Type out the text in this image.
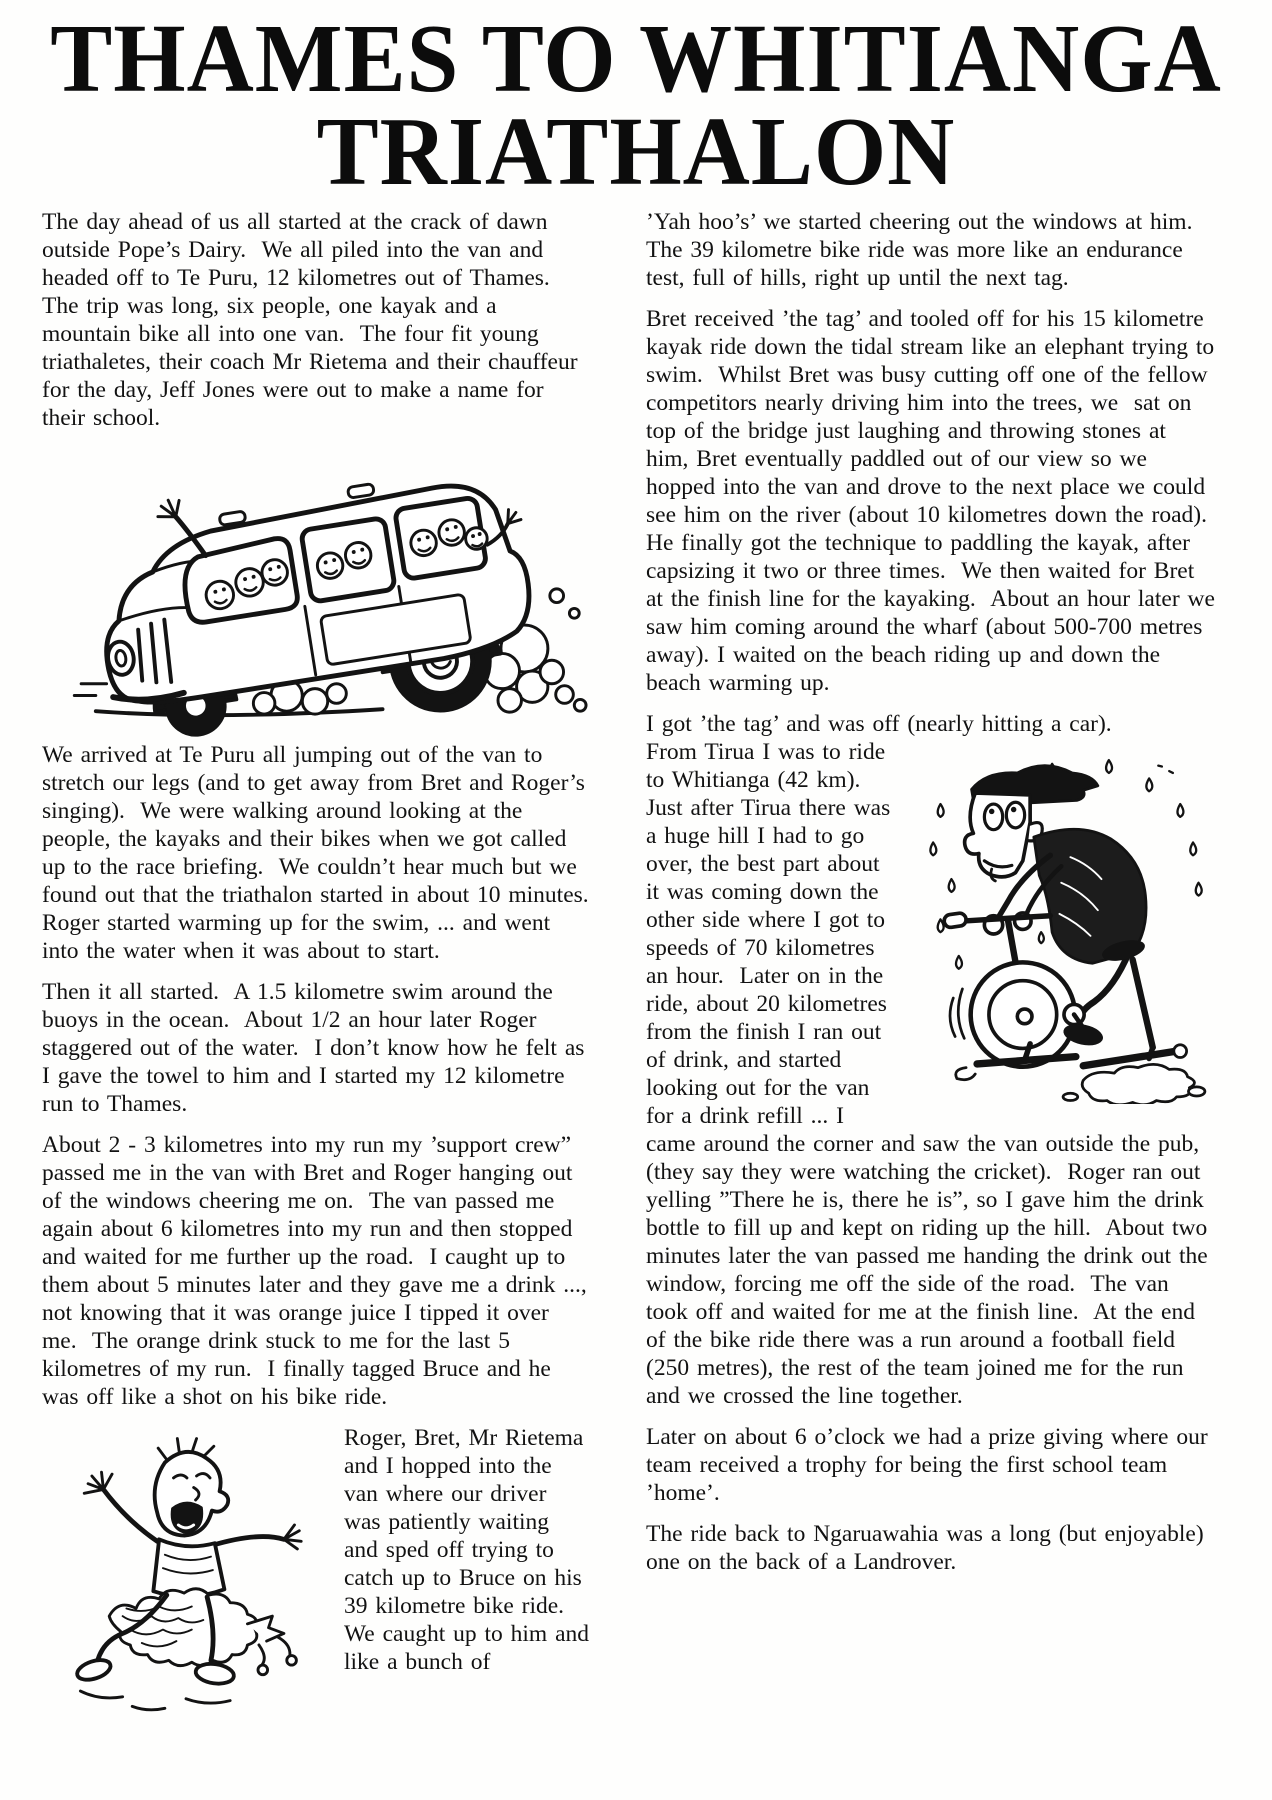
THAMES TO WHITIANGA
TRIATHALON

The day ahead of us all started at the crack of dawn outside Pope’s Dairy.  We all piled into the van and headed off to Te Puru, 12 kilometres out of Thames.  The trip was long, six people, one kayak and a mountain bike all into one van.  The four fit young triathaletes, their coach Mr Rietema and their chauffeur for the day, Jeff Jones were out to make a name for their school.

We arrived at Te Puru all jumping out of the van to stretch our legs (and to get away from Bret and Roger’s singing).  We were walking around looking at the people, the kayaks and their bikes when we got called up to the race briefing.  We couldn’t hear much but we found out that the triathalon started in about 10 minutes.  Roger started warming up for the swim, ... and went into the water when it was about to start.

Then it all started.  A 1.5 kilometre swim around the buoys in the ocean.  About 1/2 an hour later Roger staggered out of the water.  I don’t know how he felt as I gave the towel to him and I started my 12 kilometre run to Thames.

About 2 - 3 kilometres into my run my ’support crew” passed me in the van with Bret and Roger hanging out of the windows cheering me on.  The van passed me again about 6 kilometres into my run and then stopped and waited for me further up the road.  I caught up to them about 5 minutes later and they gave me a drink ..., not knowing that it was orange juice I tipped it over me.  The orange drink stuck to me for the last 5 kilometres of my run.  I finally tagged Bruce and he was off like a shot on his bike ride.

Roger, Bret, Mr Rietema and I hopped into the van where our driver was patiently waiting and sped off trying to catch up to Bruce on his 39 kilometre bike ride.  We caught up to him and like a bunch of

’Yah hoo’s’ we started cheering out the windows at him.  The 39 kilometre bike ride was more like an endurance test, full of hills, right up until the next tag.

Bret received ’the tag’ and tooled off for his 15 kilometre kayak ride down the tidal stream like an elephant trying to swim.  Whilst Bret was busy cutting off one of the fellow competitors nearly driving him into the trees, we  sat on top of the bridge just laughing and throwing stones at him, Bret eventually paddled out of our view so we hopped into the van and drove to the next place we could see him on the river (about 10 kilometres down the road).  He finally got the technique to paddling the kayak, after capsizing it two or three times.  We then waited for Bret at the finish line for the kayaking.  About an hour later we saw him coming around the wharf (about 500-700 metres away). I waited on the beach riding up and down the beach warming up.

I got ’the tag’ and was off (nearly hitting a car).

From Tirua I was to ride to Whitianga (42 km).  Just after Tirua there was a huge hill I had to go over, the best part about it was coming down the other side where I got to speeds of 70 kilometres an hour.  Later on in the ride, about 20 kilometres from the finish I ran out of drink, and started looking out for the van for a drink refill ... I came around the corner and saw the van outside the pub, (they say they were watching the cricket).  Roger ran out yelling ”There he is, there he is”, so I gave him the drink bottle to fill up and kept on riding up the hill.  About two minutes later the van passed me handing the drink out the window, forcing me off the side of the road.  The van took off and waited for me at the finish line.  At the end of the bike ride there was a run around a football field (250 metres), the rest of the team joined me for the run and we crossed the line together.

Later on about 6 o’clock we had a prize giving where our team received a trophy for being the first school team ’home’.

The ride back to Ngaruawahia was a long (but enjoyable) one on the back of a Landrover.
